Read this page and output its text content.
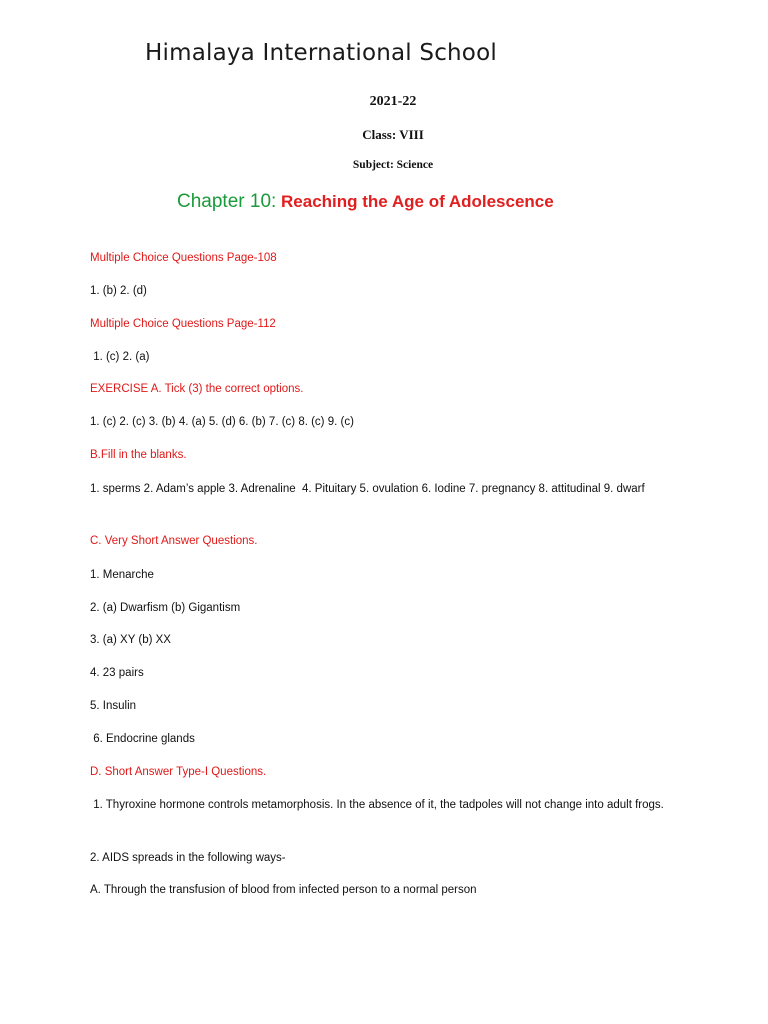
Himalaya International School
2021-22
Class: VIII
Subject: Science
Chapter 10: Reaching the Age of Adolescence
Multiple Choice Questions Page-108
1. (b) 2. (d)
Multiple Choice Questions Page-112
1. (c) 2. (a)
EXERCISE A. Tick (3) the correct options.
1. (c) 2. (c) 3. (b) 4. (a) 5. (d) 6. (b) 7. (c) 8. (c) 9. (c)
B.Fill in the blanks.
1. sperms 2. Adam’s apple 3. Adrenaline  4. Pituitary 5. ovulation 6. Iodine 7. pregnancy 8. attitudinal 9. dwarf
C. Very Short Answer Questions.
1. Menarche
2. (a) Dwarfism (b) Gigantism
3. (a) XY (b) XX
4. 23 pairs
5. Insulin
6. Endocrine glands
D. Short Answer Type-I Questions.
1. Thyroxine hormone controls metamorphosis. In the absence of it, the tadpoles will not change into adult frogs.
2. AIDS spreads in the following ways-
A. Through the transfusion of blood from infected person to a normal person
